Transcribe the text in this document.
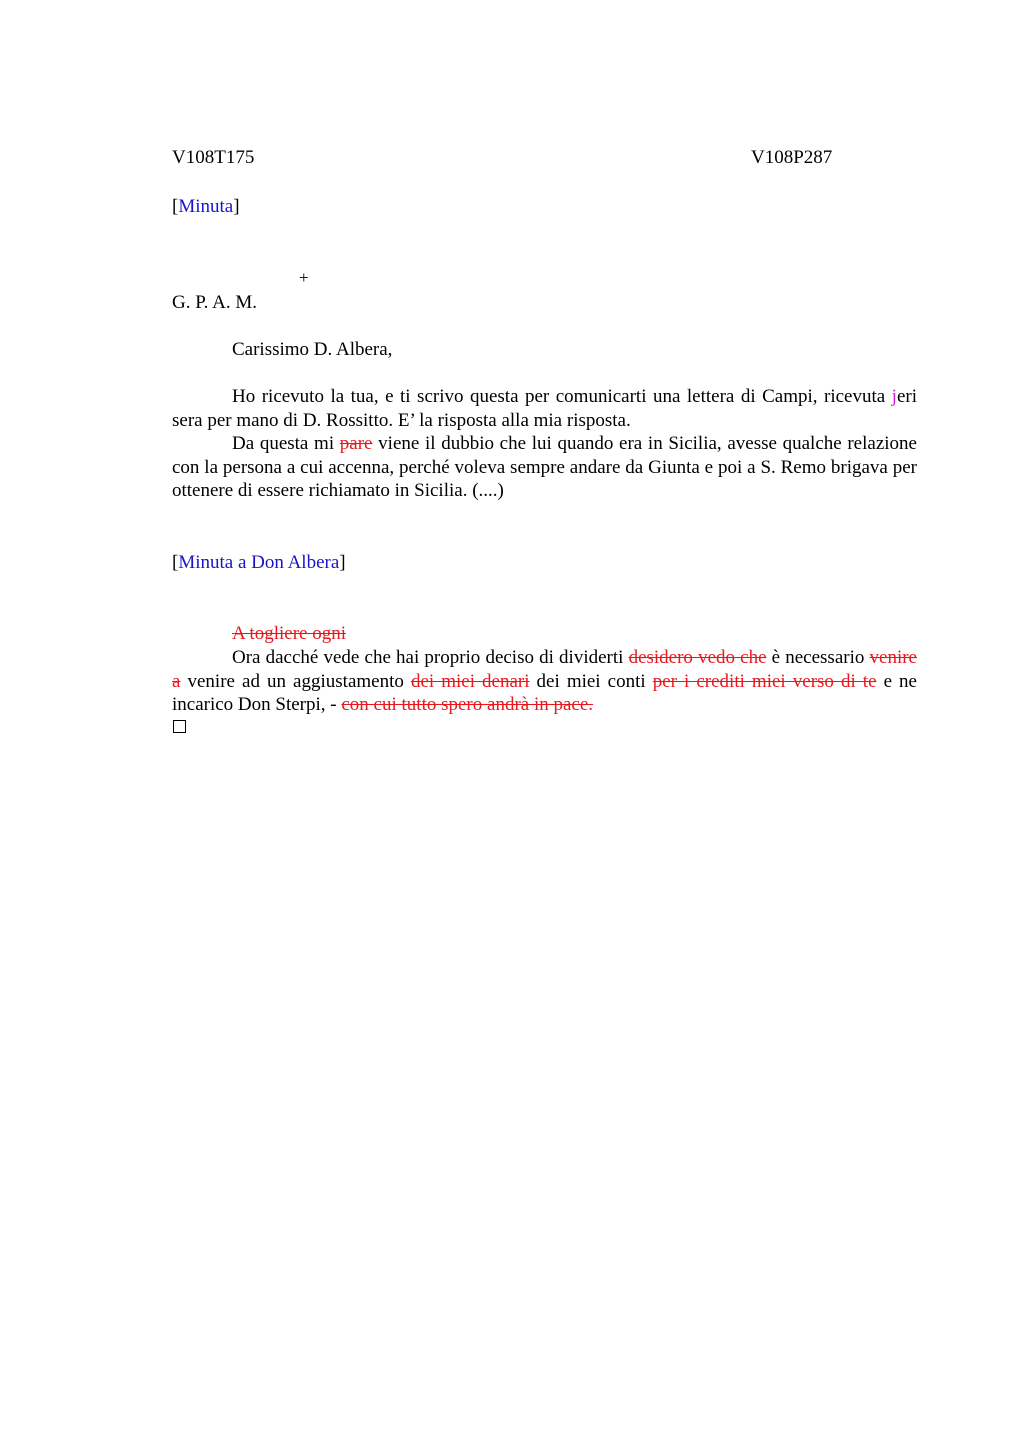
V108T175	V108P287
[Minuta]
+
G. P. A. M.
Carissimo D. Albera,
Ho ricevuto la tua, e ti scrivo questa per comunicarti una lettera di Campi, ricevuta jeri sera per mano di D. Rossitto. E’ la risposta alla mia risposta.
Da questa mi pare viene il dubbio che lui quando era in Sicilia, avesse qualche relazione con la persona a cui accenna, perché voleva sempre andare da Giunta e poi a S. Remo brigava per ottenere di essere richiamato in Sicilia. (....)
[Minuta a Don Albera]
A togliere ogni
Ora dacché vede che hai proprio deciso di dividerti desidero vedo che è necessario venire a venire ad un aggiustamento dei miei denari dei miei conti per i crediti miei verso di te e ne incarico Don Sterpi, - con cui tutto spero andrà in pace.
